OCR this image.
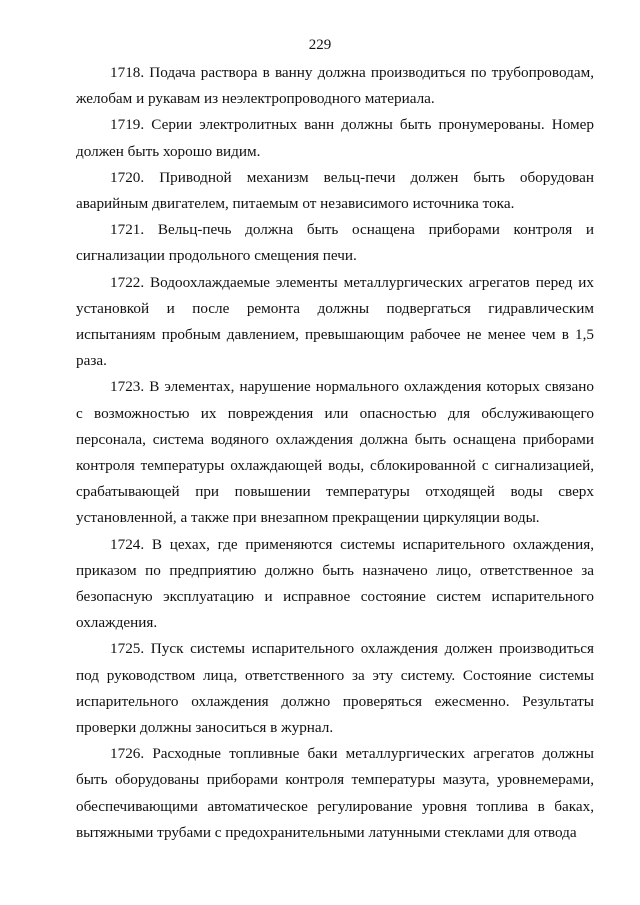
229

1718. Подача раствора в ванну должна производиться по трубопроводам, желобам и рукавам из неэлектропроводного материала.

1719. Серии электролитных ванн должны быть пронумерованы. Номер должен быть хорошо видим.

1720. Приводной механизм вельц-печи должен быть оборудован аварийным двигателем, питаемым от независимого источника тока.

1721. Вельц-печь должна быть оснащена приборами контроля и сигнализации продольного смещения печи.

1722. Водоохлаждаемые элементы металлургических агрегатов перед их установкой и после ремонта должны подвергаться гидравлическим испытаниям пробным давлением, превышающим рабочее не менее чем в 1,5 раза.

1723. В элементах, нарушение нормального охлаждения которых связано с возможностью их повреждения или опасностью для обслуживающего персонала, система водяного охлаждения должна быть оснащена приборами контроля температуры охлаждающей воды, сблокированной с сигнализацией, срабатывающей при повышении температуры отходящей воды сверх установленной, а также при внезапном прекращении циркуляции воды.

1724. В цехах, где применяются системы испарительного охлаждения, приказом по предприятию должно быть назначено лицо, ответственное за безопасную эксплуатацию и исправное состояние систем испарительного охлаждения.

1725. Пуск системы испарительного охлаждения должен производиться под руководством лица, ответственного за эту систему. Состояние системы испарительного охлаждения должно проверяться ежесменно. Результаты проверки должны заноситься в журнал.

1726. Расходные топливные баки металлургических агрегатов должны быть оборудованы приборами контроля температуры мазута, уровнемерами, обеспечивающими автоматическое регулирование уровня топлива в баках, вытяжными трубами с предохранительными латунными стеклами для отвода
